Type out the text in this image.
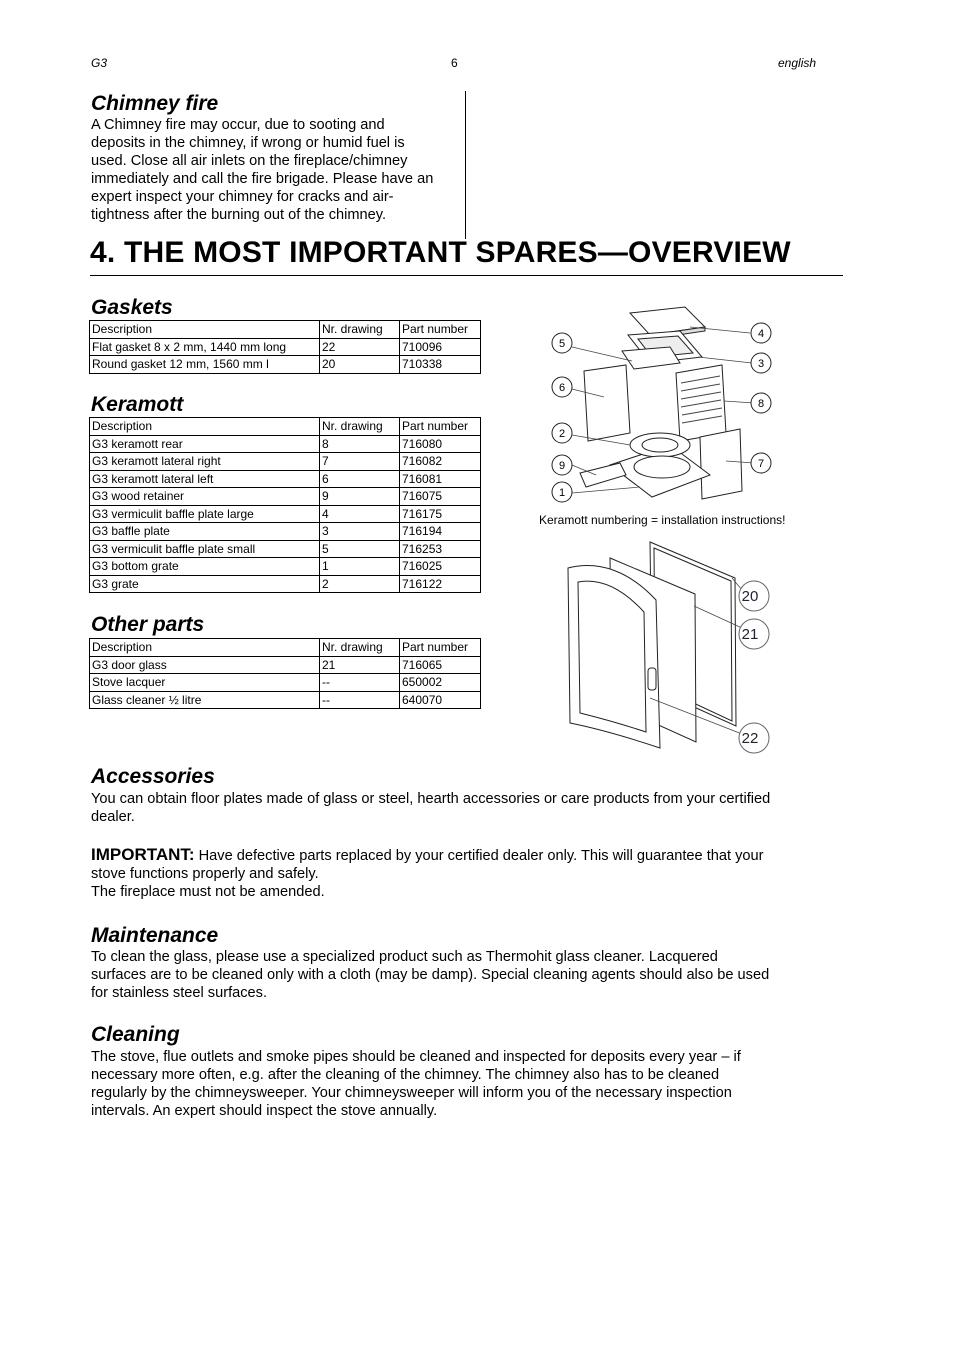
G3	6	english
Chimney fire

A Chimney fire may occur, due to sooting and
deposits in the chimney, if wrong or humid fuel is
used. Close all air inlets on the fireplace/chimney
immediately and call the fire brigade. Please have an
expert inspect your chimney for cracks and air-
tightness after the burning out of the chimney.

4. THE MOST IMPORTANT SPARES—OVERVIEW
Gaskets
Description	Nr. drawing	Part number
Flat gasket 8 x 2 mm, 1440 mm long	22	710096
Round gasket 12 mm, 1560 mm l	20	710338
Keramott
Description	Nr. drawing	Part number
G3 keramott rear	8	716080
G3 keramott lateral right	7	716082
G3 keramott lateral left	6	716081
G3 wood retainer	9	716075
G3 vermiculit baffle plate large	4	716175
G3 baffle plate	3	716194
G3 vermiculit baffle plate small	5	716253
G3 bottom grate	1	716025
G3 grate	2	716122
Other parts
Description	Nr. drawing	Part number
G3 door glass	21	716065
Stove lacquer	--	650002
Glass cleaner ½ litre	--	640070
4
5
3
6
8
2
7
9
1
Keramott numbering = installation instructions!
20
21
22
Accessories

You can obtain floor plates made of glass or steel, hearth accessories or care products from your certified
dealer.

IMPORTANT: Have defective parts replaced by your certified dealer only. This will guarantee that your
stove functions properly and safely.
The fireplace must not be amended.

Maintenance

To clean the glass, please use a specialized product such as Thermohit glass cleaner. Lacquered
surfaces are to be cleaned only with a cloth (may be damp). Special cleaning agents should also be used
for stainless steel surfaces.

Cleaning

The stove, flue outlets and smoke pipes should be cleaned and inspected for deposits every year – if
necessary more often, e.g. after the cleaning of the chimney. The chimney also has to be cleaned
regularly by the chimneysweeper. Your chimneysweeper will inform you of the necessary inspection
intervals. An expert should inspect the stove annually.
